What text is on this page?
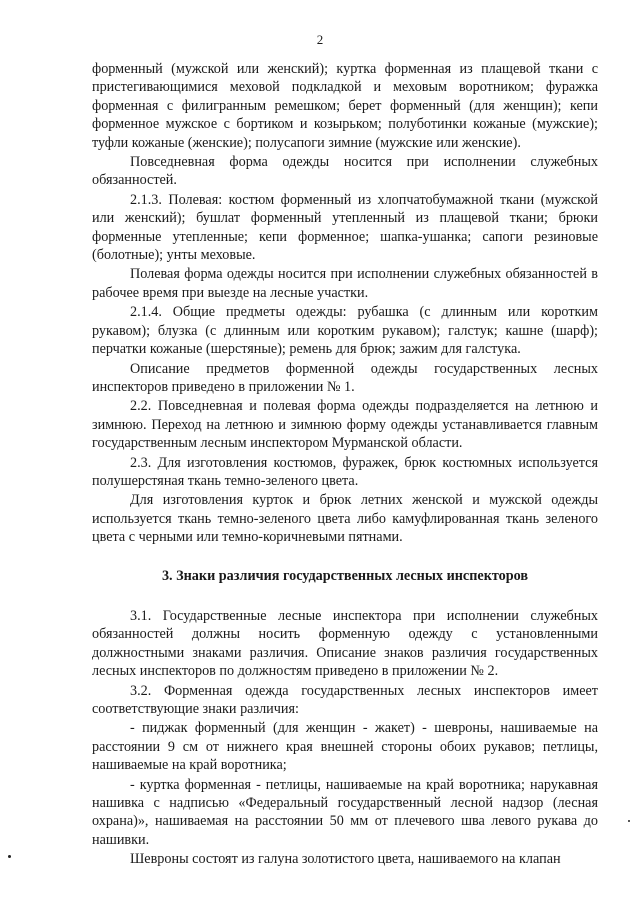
2

форменный (мужской или женский); куртка форменная из плащевой ткани с пристегивающимися меховой подкладкой и меховым воротником; фуражка форменная с филигранным ремешком; берет форменный (для женщин); кепи форменное мужское с бортиком и козырьком; полуботинки кожаные (мужские); туфли кожаные (женские); полусапоги зимние (мужские или женские).

Повседневная форма одежды носится при исполнении служебных обязанностей.

2.1.3. Полевая: костюм форменный из хлопчатобумажной ткани (мужской или женский); бушлат форменный утепленный из плащевой ткани; брюки форменные утепленные; кепи форменное; шапка-ушанка; сапоги резиновые (болотные); унты меховые.

Полевая форма одежды носится при исполнении служебных обязанностей в рабочее время при выезде на лесные участки.

2.1.4. Общие предметы одежды: рубашка (с длинным или коротким рукавом); блузка (с длинным или коротким рукавом); галстук; кашне (шарф); перчатки кожаные (шерстяные); ремень для брюк; зажим для галстука.

Описание предметов форменной одежды государственных лесных инспекторов приведено в приложении № 1.

2.2. Повседневная и полевая форма одежды подразделяется на летнюю и зимнюю. Переход на летнюю и зимнюю форму одежды устанавливается главным государственным лесным инспектором Мурманской области.

2.3. Для изготовления костюмов, фуражек, брюк костюмных используется полушерстяная ткань темно-зеленого цвета.

Для изготовления курток и брюк летних женской и мужской одежды используется ткань темно-зеленого цвета либо камуфлированная ткань зеленого цвета с черными или темно-коричневыми пятнами.

3. Знаки различия государственных лесных инспекторов

3.1. Государственные лесные инспектора при исполнении служебных обязанностей должны носить форменную одежду с установленными должностными знаками различия. Описание знаков различия государственных лесных инспекторов по должностям приведено в приложении № 2.

3.2. Форменная одежда государственных лесных инспекторов имеет соответствующие знаки различия:

- пиджак форменный (для женщин - жакет) - шевроны, нашиваемые на расстоянии 9 см от нижнего края внешней стороны обоих рукавов; петлицы, нашиваемые на край воротника;

- куртка форменная - петлицы, нашиваемые на край воротника; нарукавная нашивка с надписью «Федеральный государственный лесной надзор (лесная охрана)», нашиваемая на расстоянии 50 мм от плечевого шва левого рукава до нашивки.

Шевроны состоят из галуна золотистого цвета, нашиваемого на клапан
